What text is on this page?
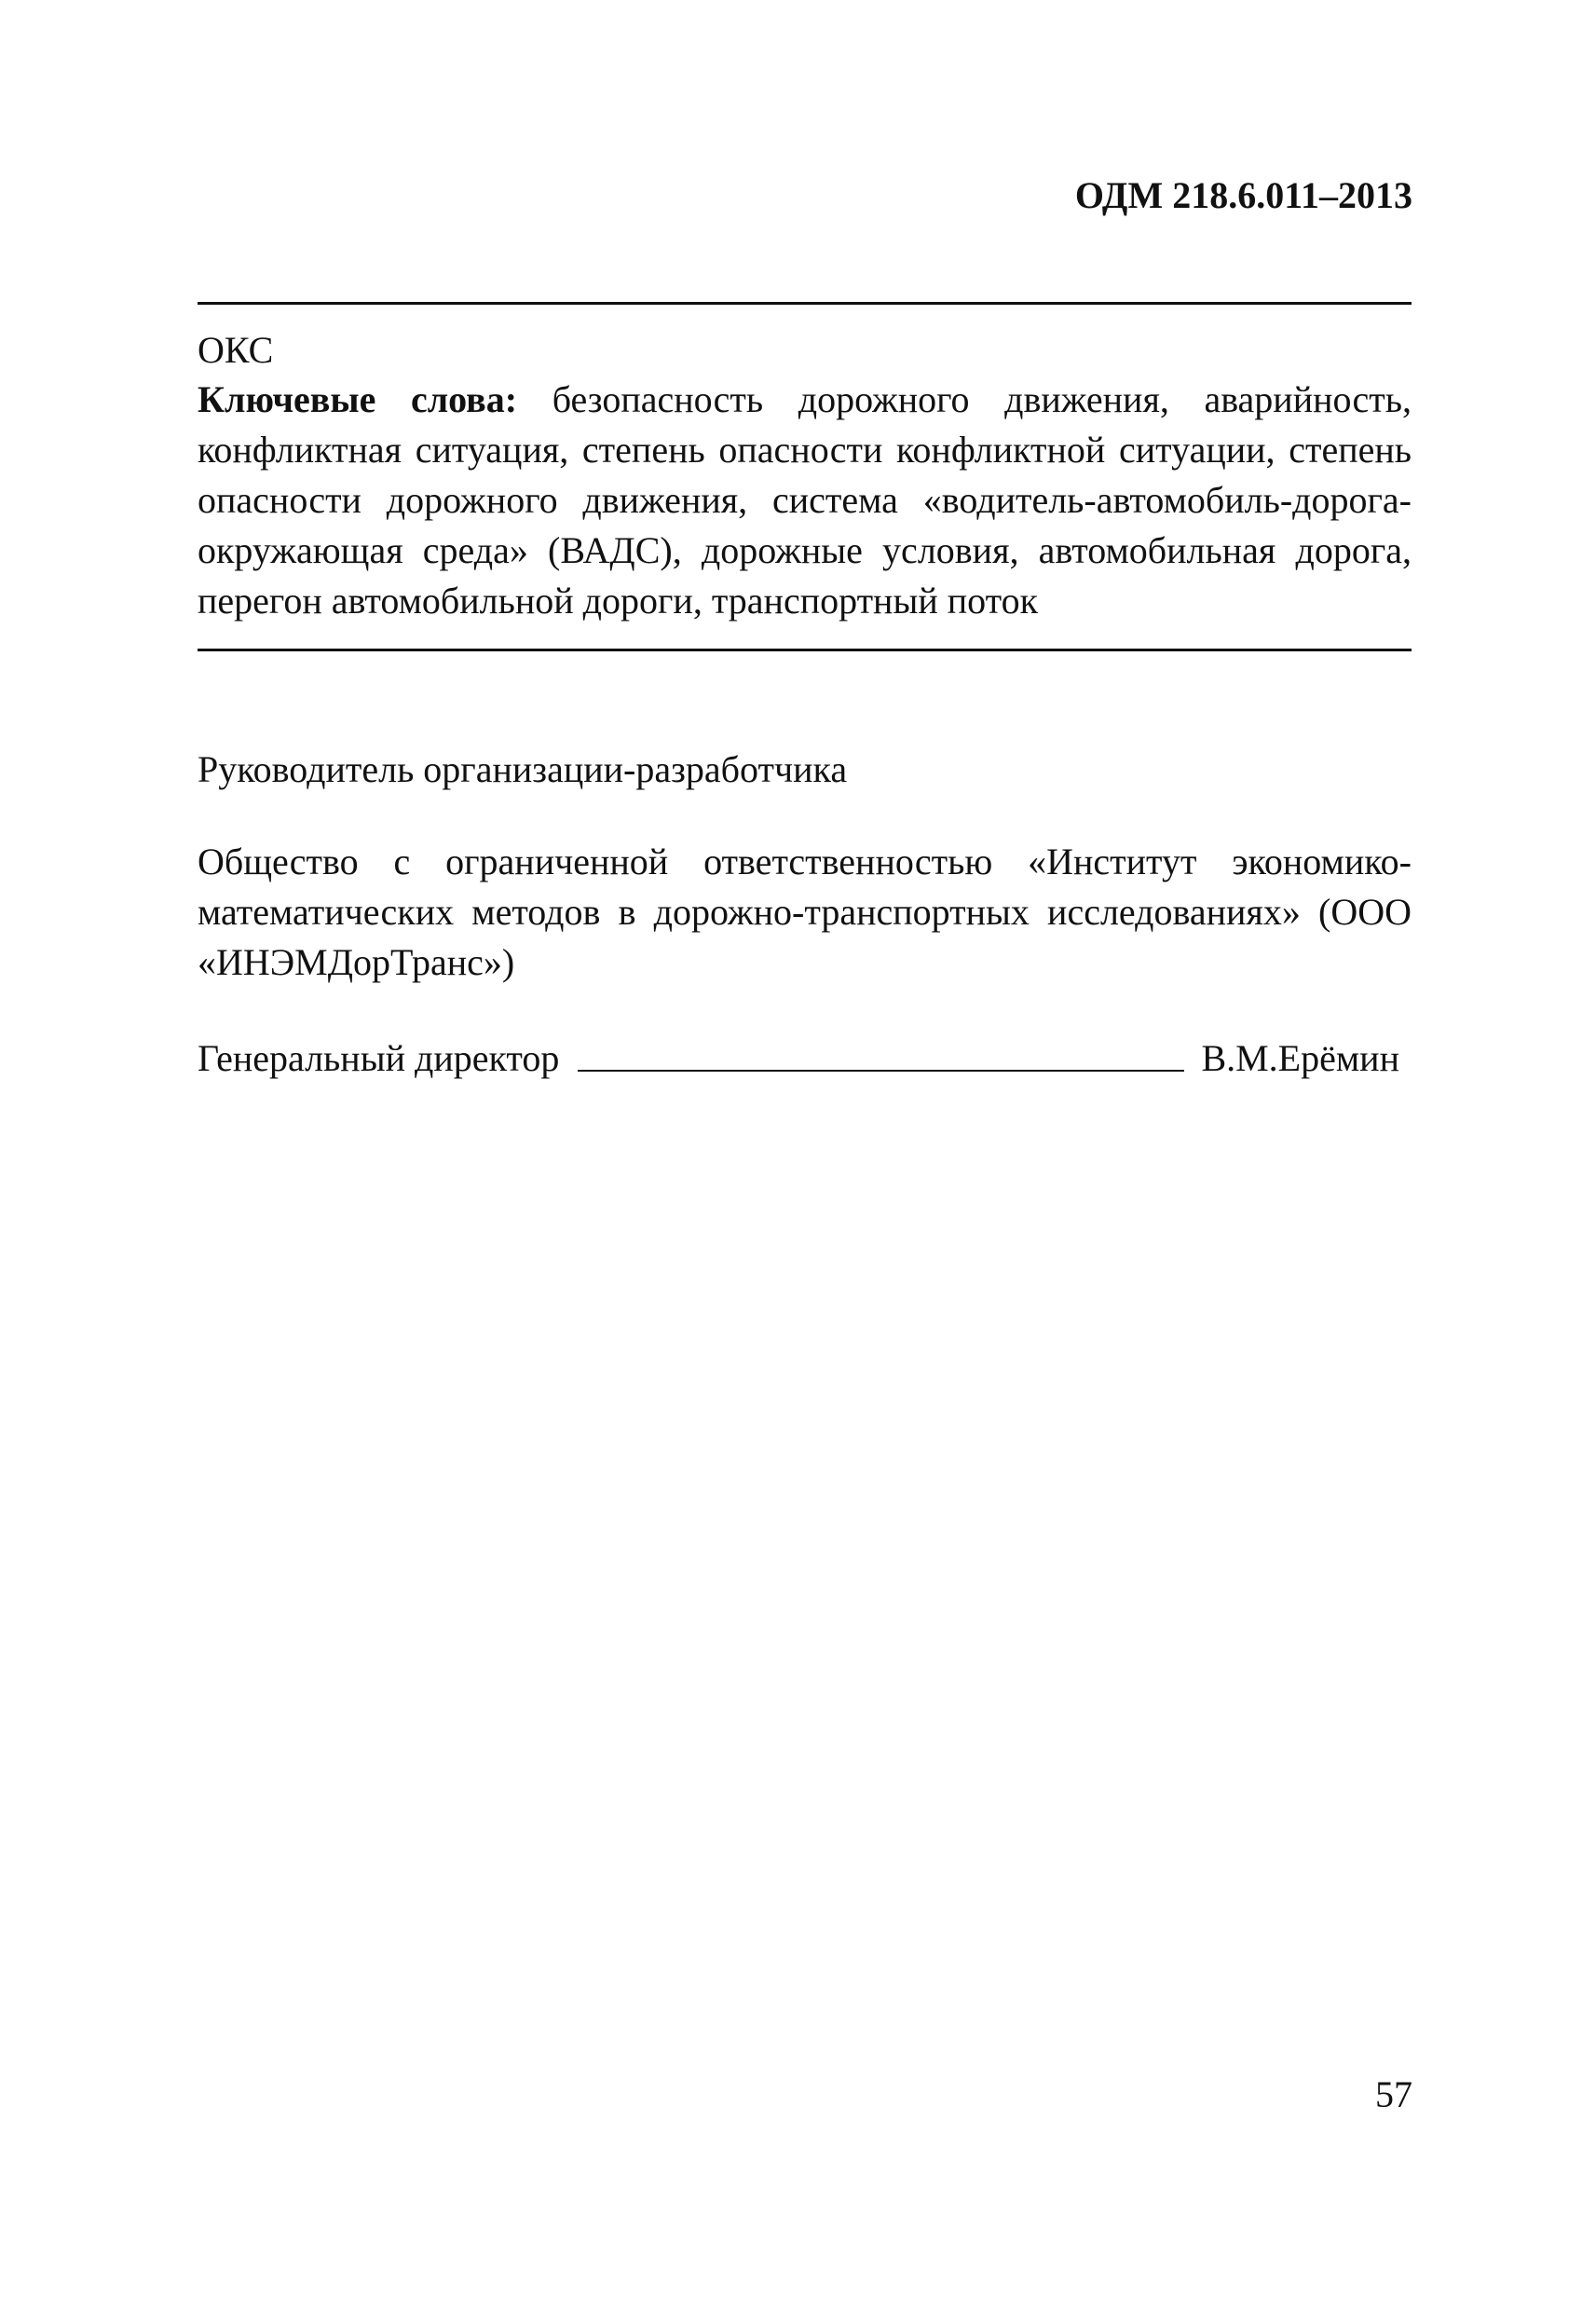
ОДМ 218.6.011–2013
ОКС
Ключевые слова: безопасность дорожного движения, аварийность, конфликтная ситуация, степень опасности конфликтной ситуации, степень опасности дорожного движения, система «водитель-автомобиль-дорога-окружающая среда» (ВАДС), дорожные условия, автомобильная дорога, перегон автомобильной дороги, транспортный поток
Руководитель организации-разработчика
Общество с ограниченной ответственностью «Институт экономико-математических методов в дорожно-транспортных исследованиях» (ООО «ИНЭМДорТранс»)
Генеральный директор	В.М.Ерёмин
57
